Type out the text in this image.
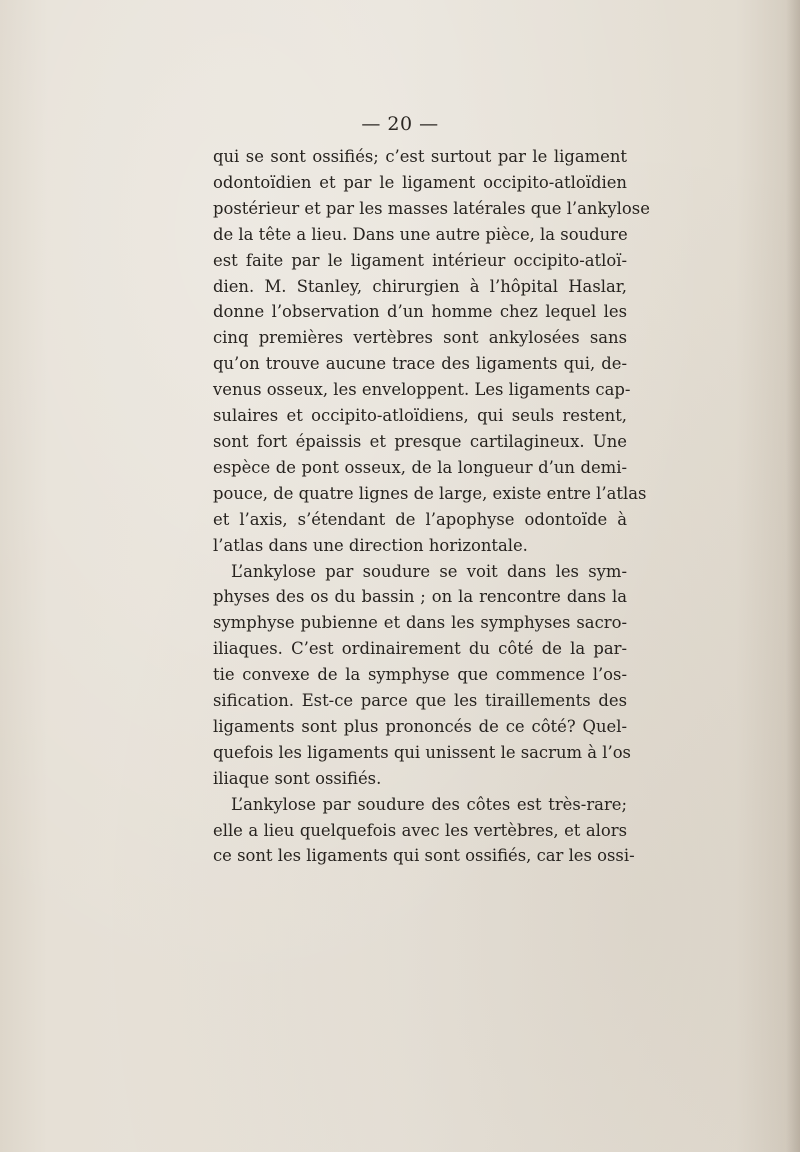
— 20 —
qui se sont ossifiés; c’est surtout par le ligament
odontoïdien et par le ligament occipito-atloïdien
postérieur et par les masses latérales que l’ankylose
de la tête a lieu. Dans une autre pièce, la soudure
est faite par le ligament intérieur occipito-atloï-
dien. M. Stanley, chirurgien à l’hôpital Haslar,
donne l’observation d’un homme chez lequel les
cinq premières vertèbres sont ankylosées sans
qu’on trouve aucune trace des ligaments qui, de-
venus osseux, les enveloppent. Les ligaments cap-
sulaires et occipito-atloïdiens, qui seuls restent,
sont fort épaissis et presque cartilagineux. Une
espèce de pont osseux, de la longueur d’un demi-
pouce, de quatre lignes de large, existe entre l’atlas
et l’axis, s’étendant de l’apophyse odontoïde à
l’atlas dans une direction horizontale.
L’ankylose par soudure se voit dans les sym-
physes des os du bassin ; on la rencontre dans la
symphyse pubienne et dans les symphyses sacro-
iliaques. C’est ordinairement du côté de la par-
tie convexe de la symphyse que commence l’os-
sification. Est-ce parce que les tiraillements des
ligaments sont plus prononcés de ce côté? Quel-
quefois les ligaments qui unissent le sacrum à l’os
iliaque sont ossifiés.
L’ankylose par soudure des côtes est très-rare;
elle a lieu quelquefois avec les vertèbres, et alors
ce sont les ligaments qui sont ossifiés, car les ossi-
